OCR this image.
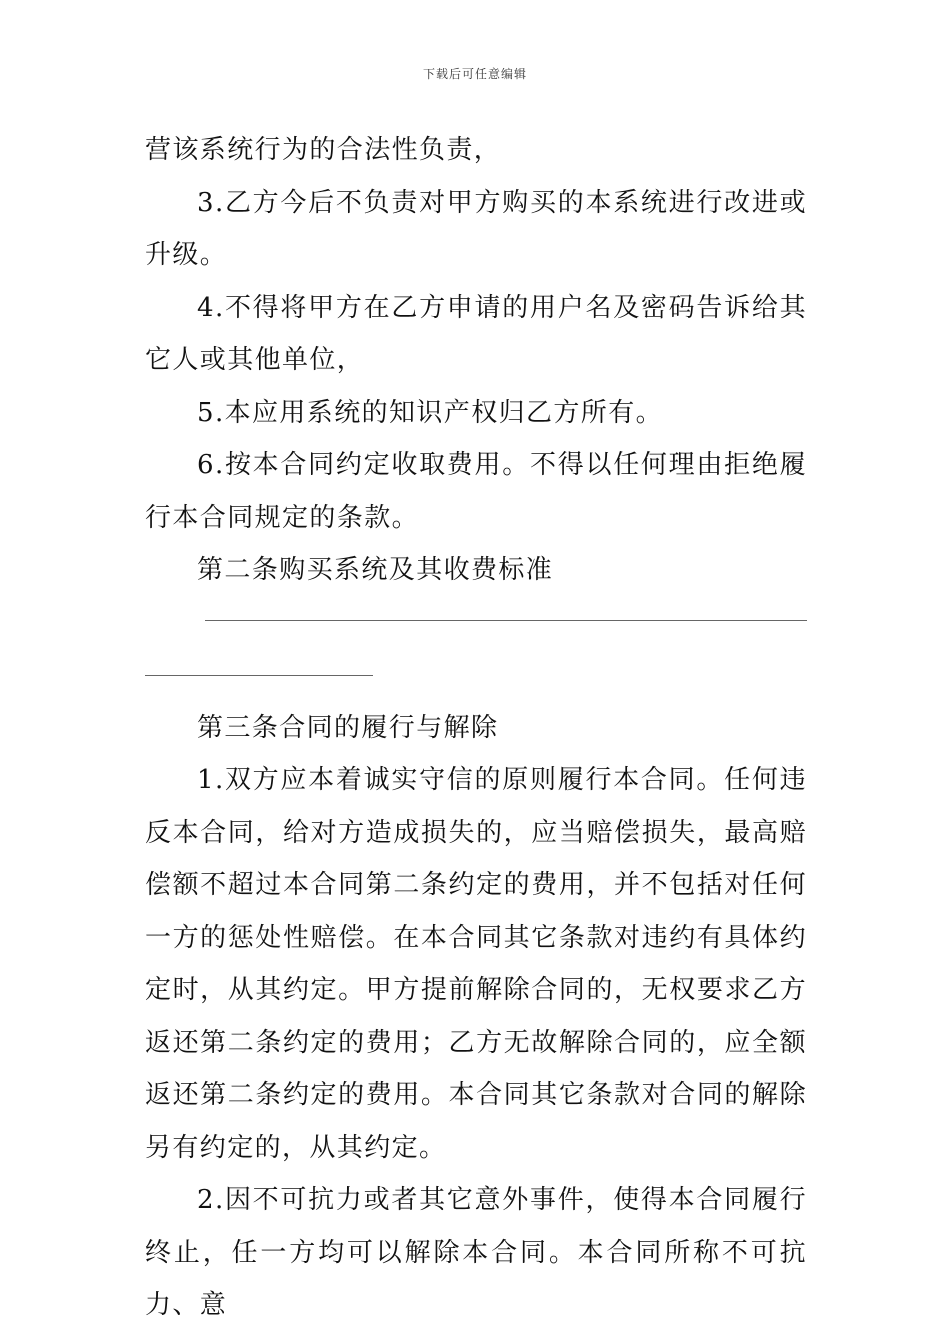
下载后可任意编辑

营该系统行为的合法性负责，

3.乙方今后不负责对甲方购买的本系统进行改进或升级。

4.不得将甲方在乙方申请的用户名及密码告诉给其它人或其他单位，

5.本应用系统的知识产权归乙方所有。

6.按本合同约定收取费用。不得以任何理由拒绝履行本合同规定的条款。

第二条购买系统及其收费标准

第三条合同的履行与解除

1.双方应本着诚实守信的原则履行本合同。任何违反本合同，给对方造成损失的，应当赔偿损失，最高赔偿额不超过本合同第二条约定的费用，并不包括对任何一方的惩处性赔偿。在本合同其它条款对违约有具体约定时，从其约定。甲方提前解除合同的，无权要求乙方返还第二条约定的费用；乙方无故解除合同的，应全额返还第二条约定的费用。本合同其它条款对合同的解除另有约定的，从其约定。

2.因不可抗力或者其它意外事件，使得本合同履行终止，任一方均可以解除本合同。本合同所称不可抗力、意
